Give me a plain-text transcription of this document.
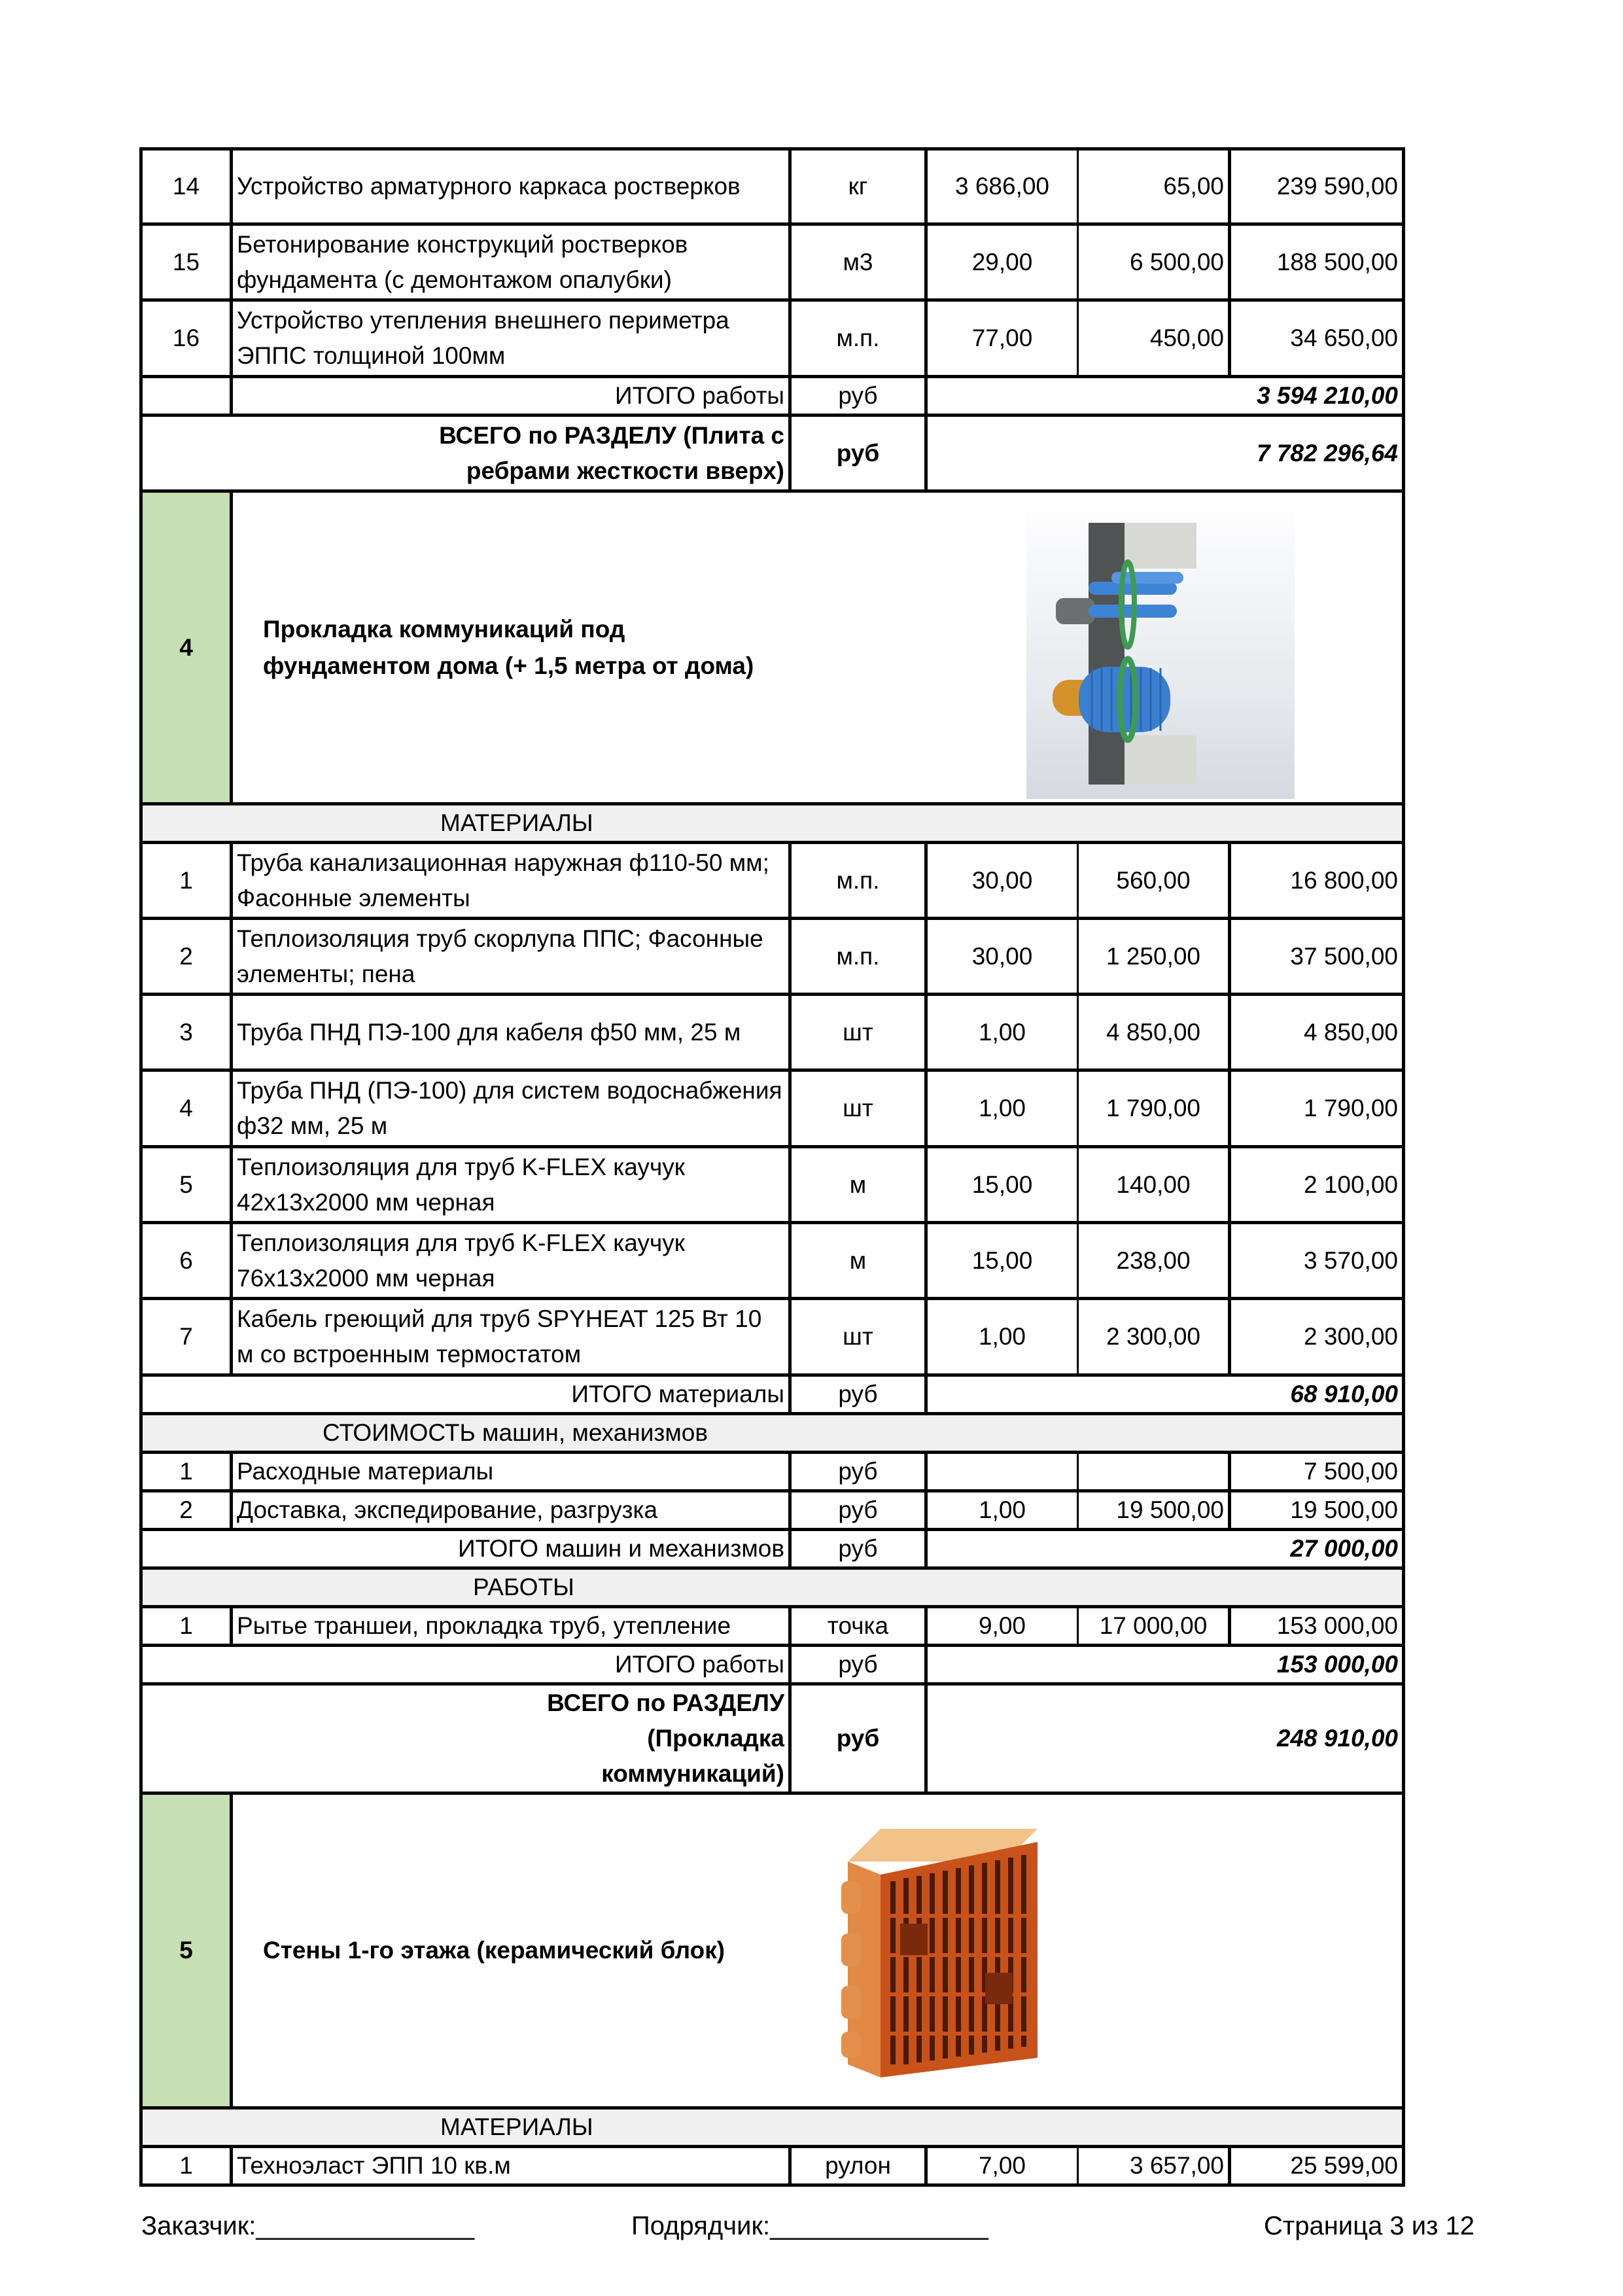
14	Устройство арматурного каркаса ростверков	кг	3 686,00	65,00	239 590,00
15	Бетонирование конструкций ростверков фундамента (с демонтажом опалубки)	м3	29,00	6 500,00	188 500,00
16	Устройство утепления внешнего периметра ЭППС толщиной 100мм	м.п.	77,00	450,00	34 650,00
	ИТОГО работы	руб	3 594 210,00		
ВСЕГО по РАЗДЕЛУ (Плита с ребрами жесткости вверх)		руб	7 782 296,64		
4	Прокладка коммуникаций под фундаментом дома (+ 1,5 метра от дома)				

МАТЕРИАЛЫ					
1	Труба канализационная наружная ф110-50 мм; Фасонные элементы	м.п.	30,00	560,00	16 800,00
2	Теплоизоляция труб скорлупа ППС; Фасонные элементы; пена	м.п.	30,00	1 250,00	37 500,00
3	Труба ПНД ПЭ-100 для кабеля ф50 мм, 25 м	шт	1,00	4 850,00	4 850,00
4	Труба ПНД (ПЭ-100) для систем водоснабжения ф32 мм, 25 м	шт	1,00	1 790,00	1 790,00
5	Теплоизоляция для труб K-FLEX каучук 42х13х2000 мм черная	м	15,00	140,00	2 100,00
6	Теплоизоляция для труб K-FLEX каучук 76х13х2000 мм черная	м	15,00	238,00	3 570,00
7	Кабель греющий для труб SPYHEAT 125 Вт 10 м со встроенным термостатом	шт	1,00	2 300,00	2 300,00
ИТОГО материалы		руб	68 910,00		
СТОИМОСТЬ машин, механизмов					
1	Расходные материалы	руб			7 500,00
2	Доставка, экспедирование, разгрузка	руб	1,00	19 500,00	19 500,00
ИТОГО машин и механизмов		руб	27 000,00		
РАБОТЫ					
1	Рытье траншеи, прокладка труб, утепление	точка	9,00	17 000,00	153 000,00
ИТОГО работы		руб	153 000,00		
ВСЕГО по РАЗДЕЛУ (Прокладка коммуникаций)		руб	248 910,00		
5	Стены 1-го этажа (керамический блок)				

МАТЕРИАЛЫ					
1	Техноэласт ЭПП 10 кв.м	рулон	7,00	3 657,00	25 599,00
Заказчик:_______________	Подрядчик:_______________	Страница 3 из 12
